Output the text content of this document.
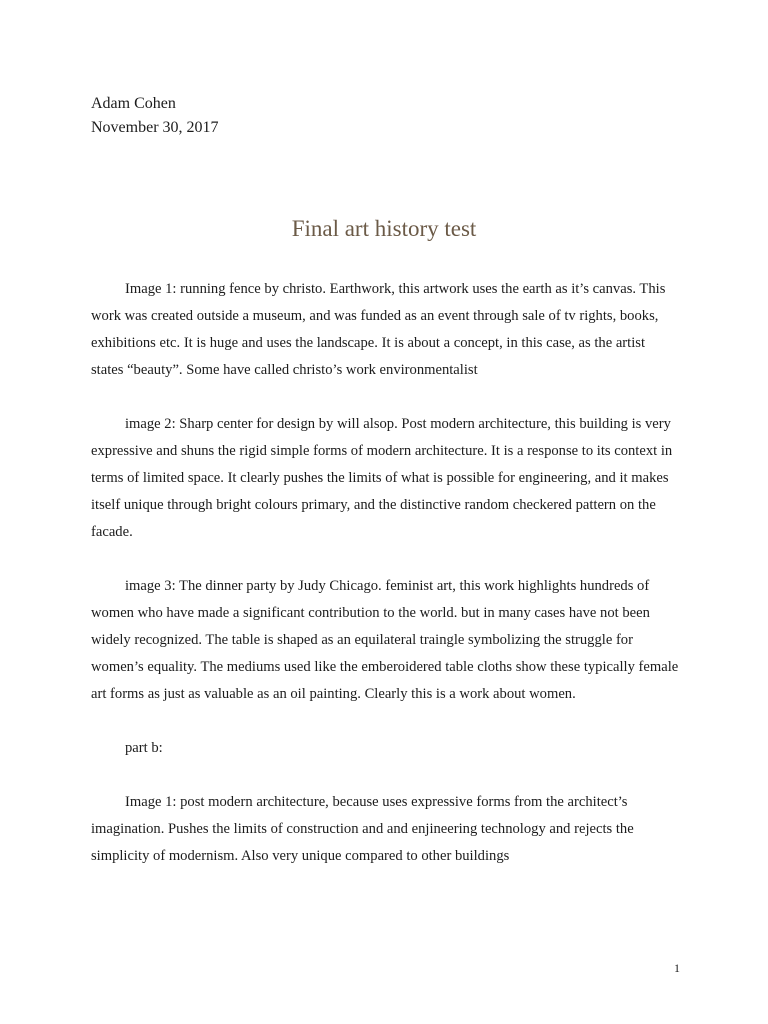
Adam Cohen
November 30, 2017
Final art history test

Image 1: running fence by christo. Earthwork, this artwork uses the earth as it’s canvas. This work was created outside a museum, and was funded as an event through sale of tv rights, books, exhibitions etc. It is huge and uses the landscape. It is about a concept, in this case, as the artist states “beauty”. Some have called christo’s work environmentalist

image 2: Sharp center for design by will alsop. Post modern architecture, this building is very expressive and shuns the rigid simple forms of modern architecture. It is a response to its context in terms of limited space. It clearly pushes the limits of what is possible for engineering, and it makes itself unique through bright colours primary, and the distinctive random checkered pattern on the facade.

image 3: The dinner party by Judy Chicago. feminist art, this work highlights hundreds of women who have made a significant contribution to the world. but in many cases have not been widely recognized. The table is shaped as an equilateral traingle symbolizing the struggle for women’s equality. The mediums used like the emberoidered table cloths show these typically female art forms as just as valuable as an oil painting. Clearly this is a work about women.

part b:

Image 1: post modern architecture, because uses expressive forms from the architect’s imagination. Pushes the limits of construction and and enjineering technology and rejects the simplicity of modernism. Also very unique compared to other buildings

1
